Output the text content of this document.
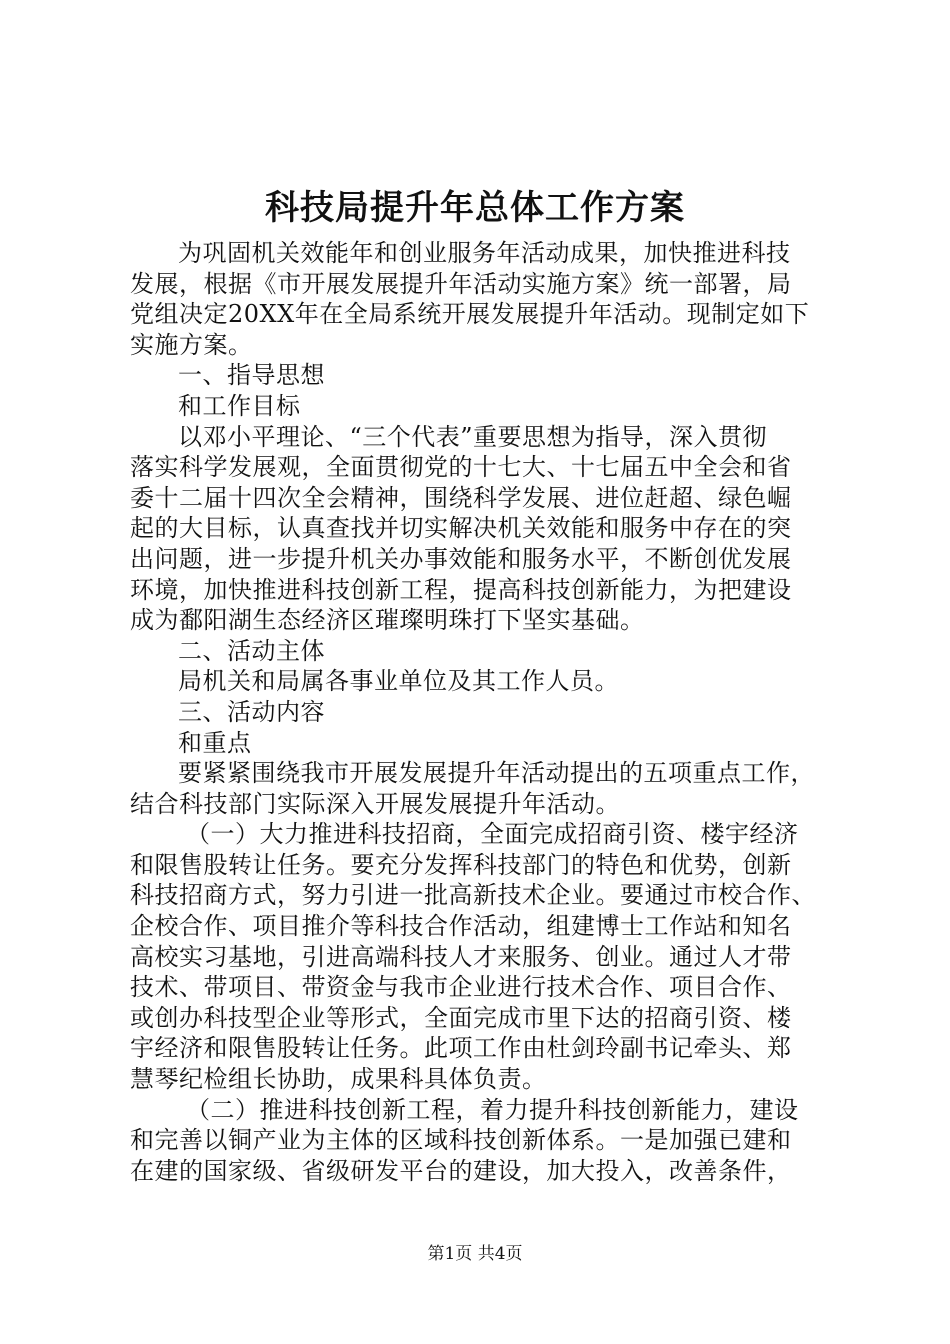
科技局提升年总体工作方案
为巩固机关效能年和创业服务年活动成果，加快推进科技
发展，根据《市开展发展提升年活动实施方案》统一部署，局
党组决定20XX年在全局系统开展发展提升年活动。现制定如下
实施方案。
一、指导思想
和工作目标
以邓小平理论、“三个代表”重要思想为指导，深入贯彻
落实科学发展观，全面贯彻党的十七大、十七届五中全会和省
委十二届十四次全会精神，围绕科学发展、进位赶超、绿色崛
起的大目标，认真查找并切实解决机关效能和服务中存在的突
出问题，进一步提升机关办事效能和服务水平，不断创优发展
环境，加快推进科技创新工程，提高科技创新能力，为把建设
成为鄱阳湖生态经济区璀璨明珠打下坚实基础。
二、活动主体
局机关和局属各事业单位及其工作人员。
三、活动内容
和重点
要紧紧围绕我市开展发展提升年活动提出的五项重点工作，
结合科技部门实际深入开展发展提升年活动。
（一）大力推进科技招商，全面完成招商引资、楼宇经济
和限售股转让任务。要充分发挥科技部门的特色和优势，创新
科技招商方式，努力引进一批高新技术企业。要通过市校合作、
企校合作、项目推介等科技合作活动，组建博士工作站和知名
高校实习基地，引进高端科技人才来服务、创业。通过人才带
技术、带项目、带资金与我市企业进行技术合作、项目合作、
或创办科技型企业等形式，全面完成市里下达的招商引资、楼
宇经济和限售股转让任务。此项工作由杜剑玲副书记牵头、郑
慧琴纪检组长协助，成果科具体负责。
（二）推进科技创新工程，着力提升科技创新能力，建设
和完善以铜产业为主体的区域科技创新体系。一是加强已建和
在建的国家级、省级研发平台的建设，加大投入，改善条件，
第1页 共4页
